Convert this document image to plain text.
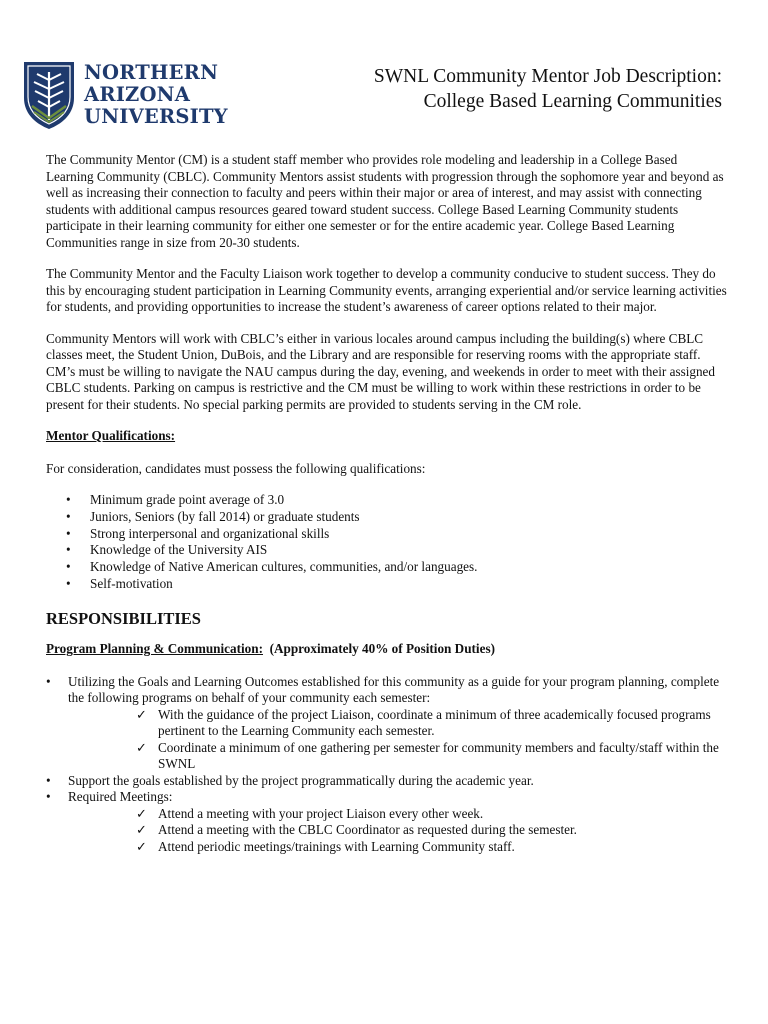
NORTHERN
ARIZONA
UNIVERSITY
SWNL Community Mentor Job Description:
College Based Learning Communities

The Community Mentor (CM) is a student staff member who provides role modeling and leadership in a College Based Learning Community (CBLC). Community Mentors assist students with progression through the sophomore year and beyond as well as increasing their connection to faculty and peers within their major or area of interest, and may assist with connecting students with additional campus resources geared toward student success. College Based Learning Community students participate in their learning community for either one semester or for the entire academic year. College Based Learning Communities range in size from 20-30 students.

The Community Mentor and the Faculty Liaison work together to develop a community conducive to student success. They do this by encouraging student participation in Learning Community events, arranging experiential and/or service learning activities for students, and providing opportunities to increase the student’s awareness of career options related to their major.

Community Mentors will work with CBLC’s either in various locales around campus including the building(s) where CBLC classes meet, the Student Union, DuBois, and the Library and are responsible for reserving rooms with the appropriate staff. CM’s must be willing to navigate the NAU campus during the day, evening, and weekends in order to meet with their assigned CBLC students. Parking on campus is restrictive and the CM must be willing to work within these restrictions in order to be present for their students. No special parking permits are provided to students serving in the CM role.

Mentor Qualifications:

For consideration, candidates must possess the following qualifications:

• Minimum grade point average of 3.0
• Juniors, Seniors (by fall 2014) or graduate students
• Strong interpersonal and organizational skills
• Knowledge of the University AIS
• Knowledge of Native American cultures, communities, and/or languages.
• Self-motivation
RESPONSIBILITIES
Program Planning & Communication: (Approximately 40% of Position Duties)
• Utilizing the Goals and Learning Outcomes established for this community as a guide for your program planning, complete the following programs on behalf of your community each semester:
✓ With the guidance of the project Liaison, coordinate a minimum of three academically focused programs pertinent to the Learning Community each semester.
✓ Coordinate a minimum of one gathering per semester for community members and faculty/staff within the SWNL
• Support the goals established by the project programmatically during the academic year.
• Required Meetings:
✓ Attend a meeting with your project Liaison every other week.
✓ Attend a meeting with the CBLC Coordinator as requested during the semester.
✓ Attend periodic meetings/trainings with Learning Community staff.
